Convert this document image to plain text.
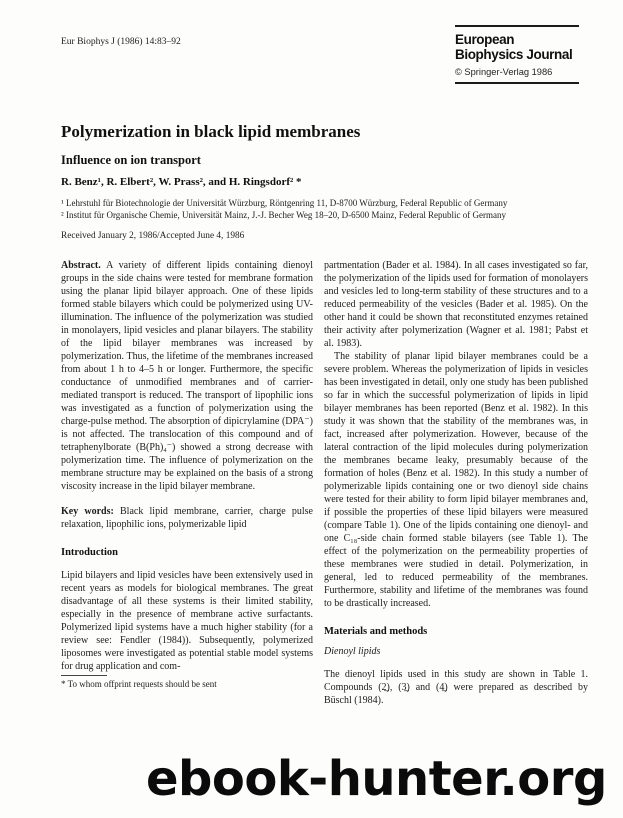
Eur Biophys J (1986) 14:83–92	European
Biophysics Journal
© Springer-Verlag 1986
Polymerization in black lipid membranes
Influence on ion transport
R. Benz¹, R. Elbert², W. Prass², and H. Ringsdorf² *
¹ Lehrstuhl für Biotechnologie der Universität Würzburg, Röntgenring 11, D-8700 Würzburg, Federal Republic of Germany
² Institut für Organische Chemie, Universität Mainz, J.-J. Becher Weg 18–20, D-6500 Mainz, Federal Republic of Germany
Received January 2, 1986/Accepted June 4, 1986

Abstract. A variety of different lipids containing dienoyl groups in the side chains were tested for membrane formation using the planar lipid bilayer approach. One of these lipids formed stable bilayers which could be polymerized using UV-illumination. The influence of the polymerization was studied in monolayers, lipid vesicles and planar bilayers. The stability of the lipid bilayer membranes was increased by polymerization. Thus, the lifetime of the membranes increased from about 1 h to 4–5 h or longer. Furthermore, the specific conductance of unmodified membranes and of carrier-mediated transport is reduced. The transport of lipophilic ions was investigated as a function of polymerization using the charge-pulse method. The absorption of dipicrylamine (DPA⁻) is not affected. The translocation of this compound and of tetraphenylborate (B(Ph)₄⁻) showed a strong decrease with polymerization time. The influence of polymerization on the membrane structure may be explained on the basis of a strong viscosity increase in the lipid bilayer membrane.

Key words: Black lipid membrane, carrier, charge pulse relaxation, lipophilic ions, polymerizable lipid

Introduction

Lipid bilayers and lipid vesicles have been extensively used in recent years as models for biological membranes. The great disadvantage of all these systems is their limited stability, especially in the presence of membrane active surfactants. Polymerized lipid systems have a much higher stability (for a review see: Fendler (1984)). Subsequently, polymerized liposomes were investigated as potential stable model systems for drug application and com-

* To whom offprint requests should be sent

partmentation (Bader et al. 1984). In all cases investigated so far, the polymerization of the lipids used for formation of monolayers and vesicles led to long-term stability of these structures and to a reduced permeability of the vesicles (Bader et al. 1985). On the other hand it could be shown that reconstituted enzymes retained their activity after polymerization (Wagner et al. 1981; Pabst et al. 1983).

The stability of planar lipid bilayer membranes could be a severe problem. Whereas the polymerization of lipids in vesicles has been investigated in detail, only one study has been published so far in which the successful polymerization of lipids in lipid bilayer membranes has been reported (Benz et al. 1982). In this study it was shown that the stability of the membranes was, in fact, increased after polymerization. However, because of the lateral contraction of the lipid molecules during polymerization the membranes became leaky, presumably because of the formation of holes (Benz et al. 1982). In this study a number of polymerizable lipids containing one or two dienoyl side chains were tested for their ability to form lipid bilayer membranes and, if possible the properties of these lipid bilayers were measured (compare Table 1). One of the lipids containing one dienoyl- and one C₁₈-side chain formed stable bilayers (see Table 1). The effect of the polymerization on the permeability properties of these membranes were studied in detail. Polymerization, in general, led to reduced permeability of the membranes. Furthermore, stability and lifetime of the membranes was found to be drastically increased.

Materials and methods

Dienoyl lipids

The dienoyl lipids used in this study are shown in Table 1. Compounds (2̲), (3̲) and (4̲) were prepared as described by Büschl (1984).

ebook-hunter.org
